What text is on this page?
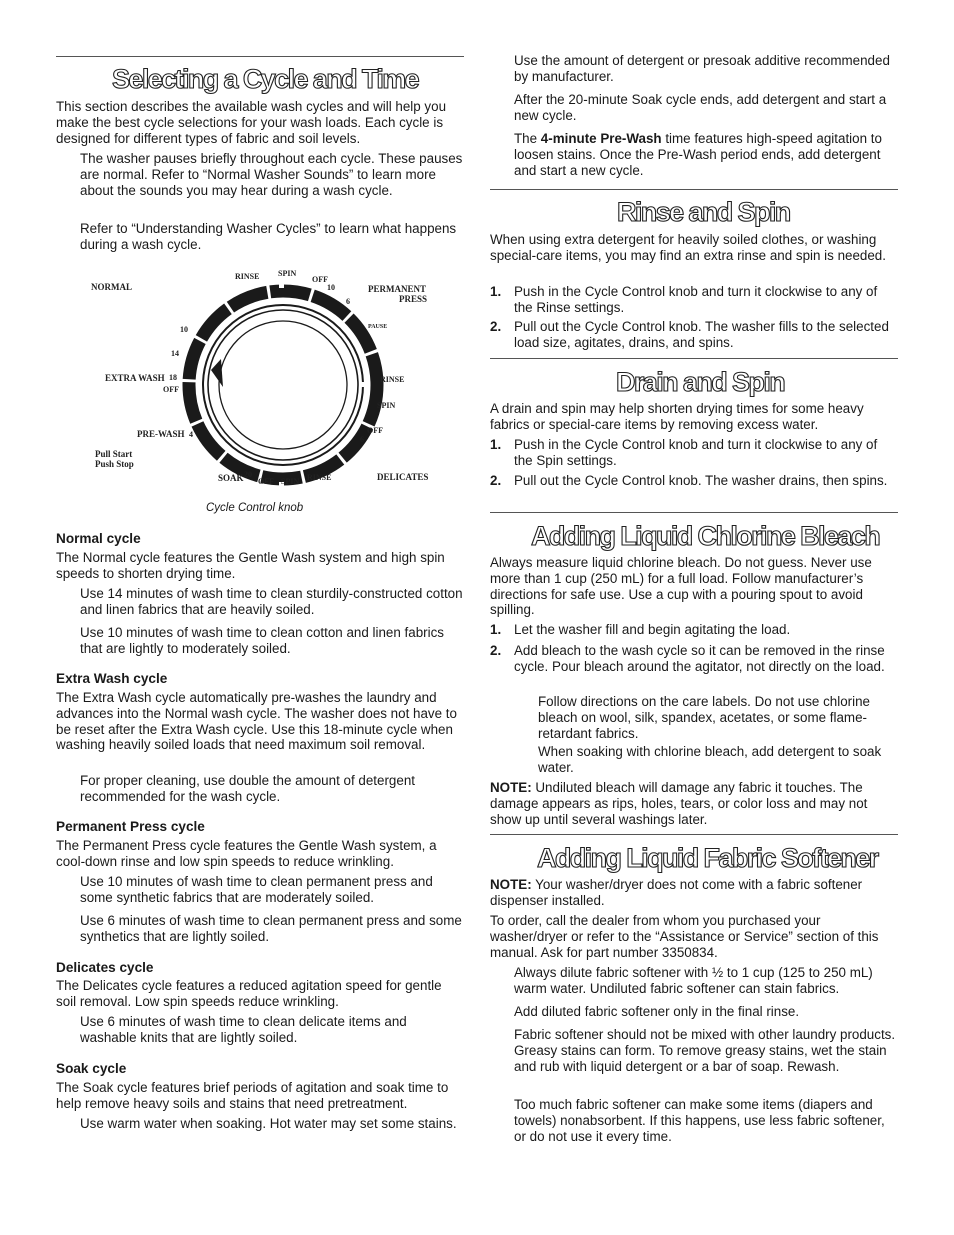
Selecting a Cycle and Time

This section describes the available wash cycles and will help you make the best cycle selections for your wash loads. Each cycle is designed for different types of fabric and soil levels.

The washer pauses briefly throughout each cycle. These pauses are normal. Refer to “Normal Washer Sounds” to learn more about the sounds you may hear during a wash cycle.

Refer to “Understanding Washer Cycles” to learn what happens during a wash cycle.

NORMAL	PERMANENT
PRESS
RINSE SPIN
OFF
10
6
PAUSE
RINSE
SPIN
OFF
6
DELICATES
RINSE
SPIN
OFF
SOAK 20
PRE-WASH 4
EXTRA WASH 18
OFF
14
10
Pull Start
Push Stop
Cycle Control knob
Normal cycle

The Normal cycle features the Gentle Wash system and high spin speeds to shorten drying time.

Use 14 minutes of wash time to clean sturdily-constructed cotton and linen fabrics that are heavily soiled.

Use 10 minutes of wash time to clean cotton and linen fabrics that are lightly to moderately soiled.

Extra Wash cycle

The Extra Wash cycle automatically pre-washes the laundry and advances into the Normal wash cycle. The washer does not have to be reset after the Extra Wash cycle. Use this 18-minute cycle when washing heavily soiled loads that need maximum soil removal.

For proper cleaning, use double the amount of detergent recommended for the wash cycle.

Permanent Press cycle

The Permanent Press cycle features the Gentle Wash system, a cool-down rinse and low spin speeds to reduce wrinkling.

Use 10 minutes of wash time to clean permanent press and some synthetic fabrics that are moderately soiled.

Use 6 minutes of wash time to clean permanent press and some synthetics that are lightly soiled.

Delicates cycle

The Delicates cycle features a reduced agitation speed for gentle soil removal. Low spin speeds reduce wrinkling.

Use 6 minutes of wash time to clean delicate items and washable knits that are lightly soiled.

Soak cycle

The Soak cycle features brief periods of agitation and soak time to help remove heavy soils and stains that need pretreatment.

Use warm water when soaking. Hot water may set some stains.

Use the amount of detergent or presoak additive recommended by manufacturer.

After the 20-minute Soak cycle ends, add detergent and start a new cycle.

The 4-minute Pre-Wash time features high-speed agitation to loosen stains. Once the Pre-Wash period ends, add detergent and start a new cycle.

Rinse and Spin

When using extra detergent for heavily soiled clothes, or washing special-care items, you may find an extra rinse and spin is needed.

1. Push in the Cycle Control knob and turn it clockwise to any of the Rinse settings.

2. Pull out the Cycle Control knob. The washer fills to the selected load size, agitates, drains, and spins.

Drain and Spin

A drain and spin may help shorten drying times for some heavy fabrics or special-care items by removing excess water.

1. Push in the Cycle Control knob and turn it clockwise to any of the Spin settings.

2. Pull out the Cycle Control knob. The washer drains, then spins.

Adding Liquid Chlorine Bleach

Always measure liquid chlorine bleach. Do not guess. Never use more than 1 cup (250 mL) for a full load. Follow manufacturer’s directions for safe use. Use a cup with a pouring spout to avoid spilling.

1. Let the washer fill and begin agitating the load.

2. Add bleach to the wash cycle so it can be removed in the rinse cycle. Pour bleach around the agitator, not directly on the load.

Follow directions on the care labels. Do not use chlorine bleach on wool, silk, spandex, acetates, or some flame-retardant fabrics.

When soaking with chlorine bleach, add detergent to soak water.

NOTE: Undiluted bleach will damage any fabric it touches. The damage appears as rips, holes, tears, or color loss and may not show up until several washings later.

Adding Liquid Fabric Softener

NOTE: Your washer/dryer does not come with a fabric softener dispenser installed.

To order, call the dealer from whom you purchased your washer/dryer or refer to the “Assistance or Service” section of this manual. Ask for part number 3350834.

Always dilute fabric softener with ½ to 1 cup (125 to 250 mL) warm water. Undiluted fabric softener can stain fabrics.

Add diluted fabric softener only in the final rinse.

Fabric softener should not be mixed with other laundry products. Greasy stains can form. To remove greasy stains, wet the stain and rub with liquid detergent or a bar of soap. Rewash.

Too much fabric softener can make some items (diapers and towels) nonabsorbent. If this happens, use less fabric softener, or do not use it every time.
